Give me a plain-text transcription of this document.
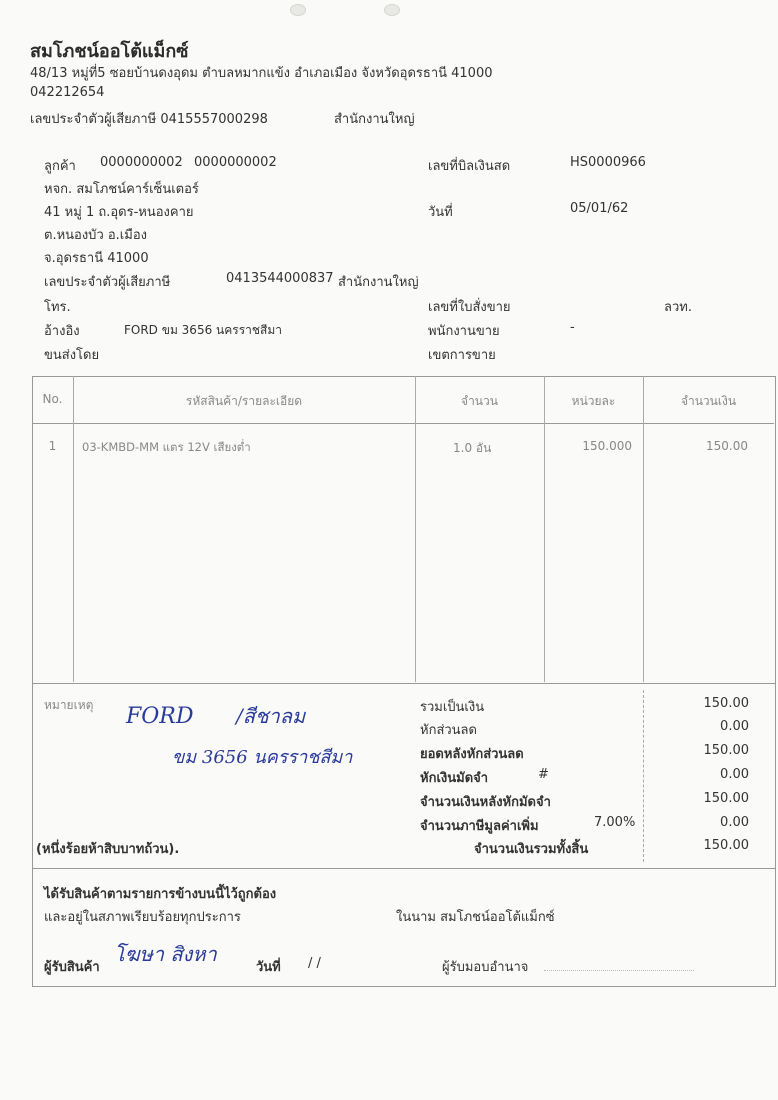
สมโภชน์ออโต้แม็กซ์
48/13 หมู่ที่5 ซอยบ้านดงอุดม ตำบลหมากแข้ง อำเภอเมือง จังหวัดอุดรธานี 41000
042212654
เลขประจำตัวผู้เสียภาษี 0415557000298	สำนักงานใหญ่
ลูกค้า 0000000002 0000000002
หจก. สมโภชน์คาร์เซ็นเตอร์
41 หมู่ 1 ถ.อุดร-หนองคาย
ต.หนองบัว อ.เมือง
จ.อุดรธานี 41000
เลขประจำตัวผู้เสียภาษี	0413544000837 สำนักงานใหญ่
โทร.
อ้างอิง	FORD ขม 3656 นครราชสีมา
ขนส่งโดย
เลขที่บิลเงินสด	HS0000966
วันที่	05/01/62
เลขที่ใบสั่งขาย	ลวท.
พนักงานขาย	-
เขตการขาย
No.	รหัสสินค้า/รายละเอียด	จำนวน	หน่วยละ	จำนวนเงิน
1	03-KMBD-MM แตร 12V เสียงต่ำ	1.0 อัน	150.000	150.00
หมายเหตุ FORD /สีชาลม
ขม 3656 นครราชสีมา
รวมเป็นเงิน	150.00
หักส่วนลด	0.00
ยอดหลังหักส่วนลด	150.00
หักเงินมัดจำ	#	0.00
จำนวนเงินหลังหักมัดจำ	150.00
จำนวนภาษีมูลค่าเพิ่ม	7.00%	0.00
(หนึ่งร้อยห้าสิบบาทถ้วน).	จำนวนเงินรวมทั้งสิ้น	150.00
ได้รับสินค้าตามรายการข้างบนนี้ไว้ถูกต้อง
และอยู่ในสภาพเรียบร้อยทุกประการ	ในนาม สมโภชน์ออโต้แม็กซ์
ผู้รับสินค้า
โฆษา สิงหา
วันที่ / /	ผู้รับมอบอำนาจ
